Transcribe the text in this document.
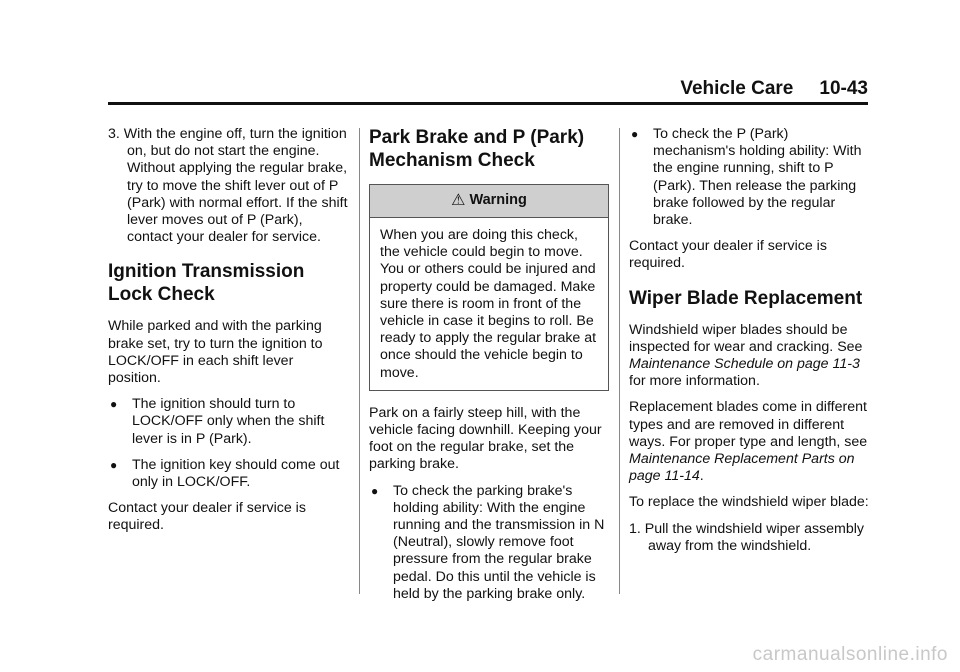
Vehicle Care 10-43

3. With the engine off, turn the ignition on, but do not start the engine. Without applying the regular brake, try to move the shift lever out of P (Park) with normal effort. If the shift lever moves out of P (Park), contact your dealer for service.

Ignition Transmission Lock Check

While parked and with the parking brake set, try to turn the ignition to LOCK/OFF in each shift lever position.

● The ignition should turn to LOCK/OFF only when the shift lever is in P (Park).
● The ignition key should come out only in LOCK/OFF.

Contact your dealer if service is required.

Park Brake and P (Park) Mechanism Check
⚠ Warning
When you are doing this check, the vehicle could begin to move. You or others could be injured and property could be damaged. Make sure there is room in front of the vehicle in case it begins to roll. Be ready to apply the regular brake at once should the vehicle begin to move.

Park on a fairly steep hill, with the vehicle facing downhill. Keeping your foot on the regular brake, set the parking brake.

● To check the parking brake's holding ability: With the engine running and the transmission in N (Neutral), slowly remove foot pressure from the regular brake pedal. Do this until the vehicle is held by the parking brake only.
● To check the P (Park) mechanism's holding ability: With the engine running, shift to P (Park). Then release the parking brake followed by the regular brake.

Contact your dealer if service is required.

Wiper Blade Replacement

Windshield wiper blades should be inspected for wear and cracking. See Maintenance Schedule on page 11-3 for more information.

Replacement blades come in different types and are removed in different ways. For proper type and length, see Maintenance Replacement Parts on page 11-14.

To replace the windshield wiper blade:

1. Pull the windshield wiper assembly away from the windshield.

carmanualsonline.info
